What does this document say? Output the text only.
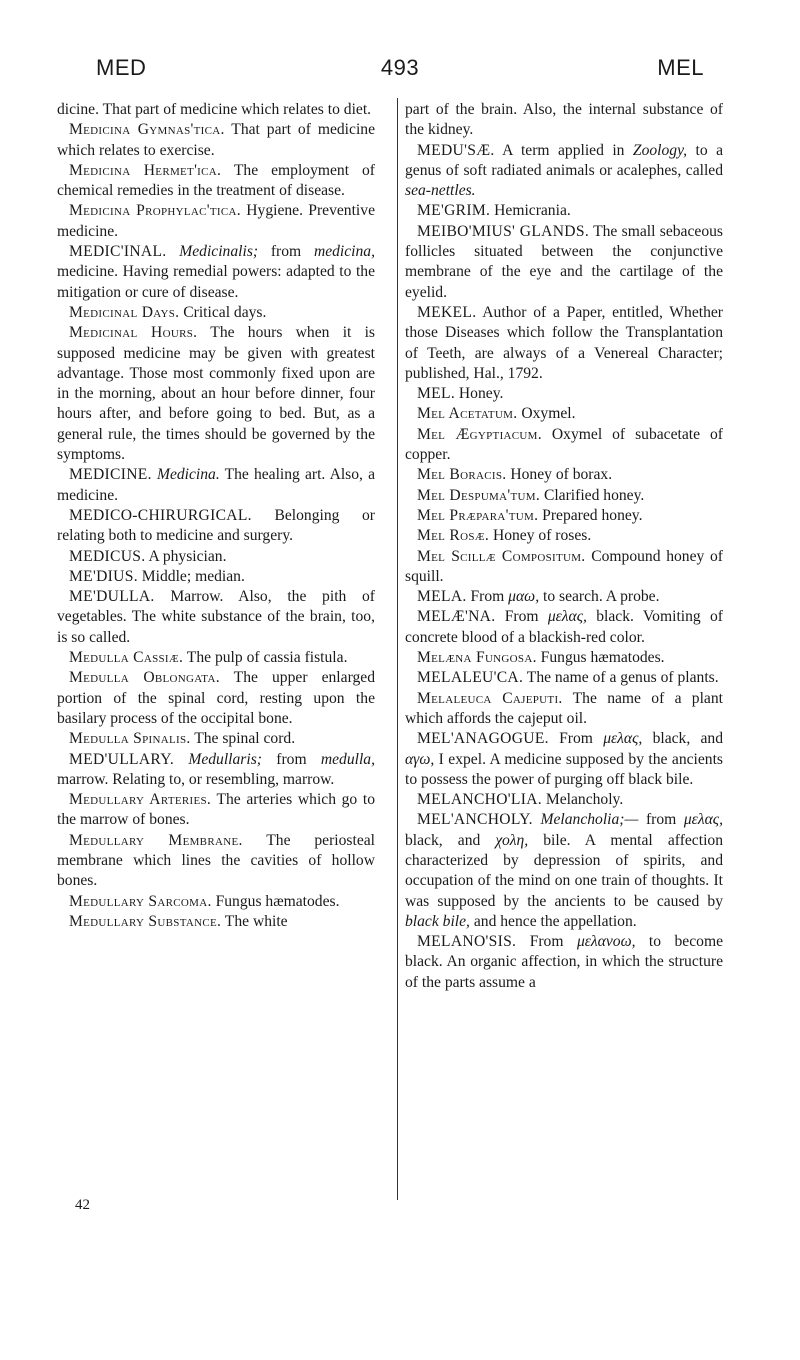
MED	493	MEL

dicine. That part of medicine which relates to diet.

Medicina Gymnas'tica. That part of medicine which relates to exercise.

Medicina Hermet'ica. The employment of chemical remedies in the treatment of disease.

Medicina Prophylac'tica. Hygiene. Preventive medicine.

MEDIC'INAL. Medicinalis; from medicina, medicine. Having remedial powers: adapted to the mitigation or cure of disease.

Medicinal Days. Critical days.

Medicinal Hours. The hours when it is supposed medicine may be given with greatest advantage. Those most commonly fixed upon are in the morning, about an hour before dinner, four hours after, and before going to bed. But, as a general rule, the times should be governed by the symptoms.

MEDICINE. Medicina. The healing art. Also, a medicine.

MEDICO-CHIRURGICAL. Belonging or relating both to medicine and surgery.

MEDICUS. A physician.

ME'DIUS. Middle; median.

ME'DULLA. Marrow. Also, the pith of vegetables. The white substance of the brain, too, is so called.

Medulla Cassiæ. The pulp of cassia fistula.

Medulla Oblongata. The upper enlarged portion of the spinal cord, resting upon the basilary process of the occipital bone.

Medulla Spinalis. The spinal cord.

MED'ULLARY. Medullaris; from medulla, marrow. Relating to, or resembling, marrow.

Medullary Arteries. The arteries which go to the marrow of bones.

Medullary Membrane. The periosteal membrane which lines the cavities of hollow bones.

Medullary Sarcoma. Fungus hæmatodes.

Medullary Substance. The white

part of the brain. Also, the internal substance of the kidney.

MEDU'SÆ. A term applied in Zoology, to a genus of soft radiated animals or acalephes, called sea-nettles.

ME'GRIM. Hemicrania.

MEIBO'MIUS' GLANDS. The small sebaceous follicles situated between the conjunctive membrane of the eye and the cartilage of the eyelid.

MEKEL. Author of a Paper, entitled, Whether those Diseases which follow the Transplantation of Teeth, are always of a Venereal Character; published, Hal., 1792.

MEL. Honey.

Mel Acetatum. Oxymel.

Mel Ægyptiacum. Oxymel of subacetate of copper.

Mel Boracis. Honey of borax.

Mel Despuma'tum. Clarified honey.

Mel Præpara'tum. Prepared honey.

Mel Rosæ. Honey of roses.

Mel Scillæ Compositum. Compound honey of squill.

MELA. From μαω, to search. A probe.

MELÆ'NA. From μελας, black. Vomiting of concrete blood of a blackish-red color.

Melæna Fungosa. Fungus hæmatodes.

MELALEU'CA. The name of a genus of plants.

Melaleuca Cajeputi. The name of a plant which affords the cajeput oil.

MEL'ANAGOGUE. From μελας, black, and αγω, I expel. A medicine supposed by the ancients to possess the power of purging off black bile.

MELANCHO'LIA. Melancholy.

MEL'ANCHOLY. Melancholia;— from μελας, black, and χολη, bile. A mental affection characterized by depression of spirits, and occupation of the mind on one train of thoughts. It was supposed by the ancients to be caused by black bile, and hence the appellation.

MELANO'SIS. From μελανοω, to become black. An organic affection, in which the structure of the parts assume a

42
